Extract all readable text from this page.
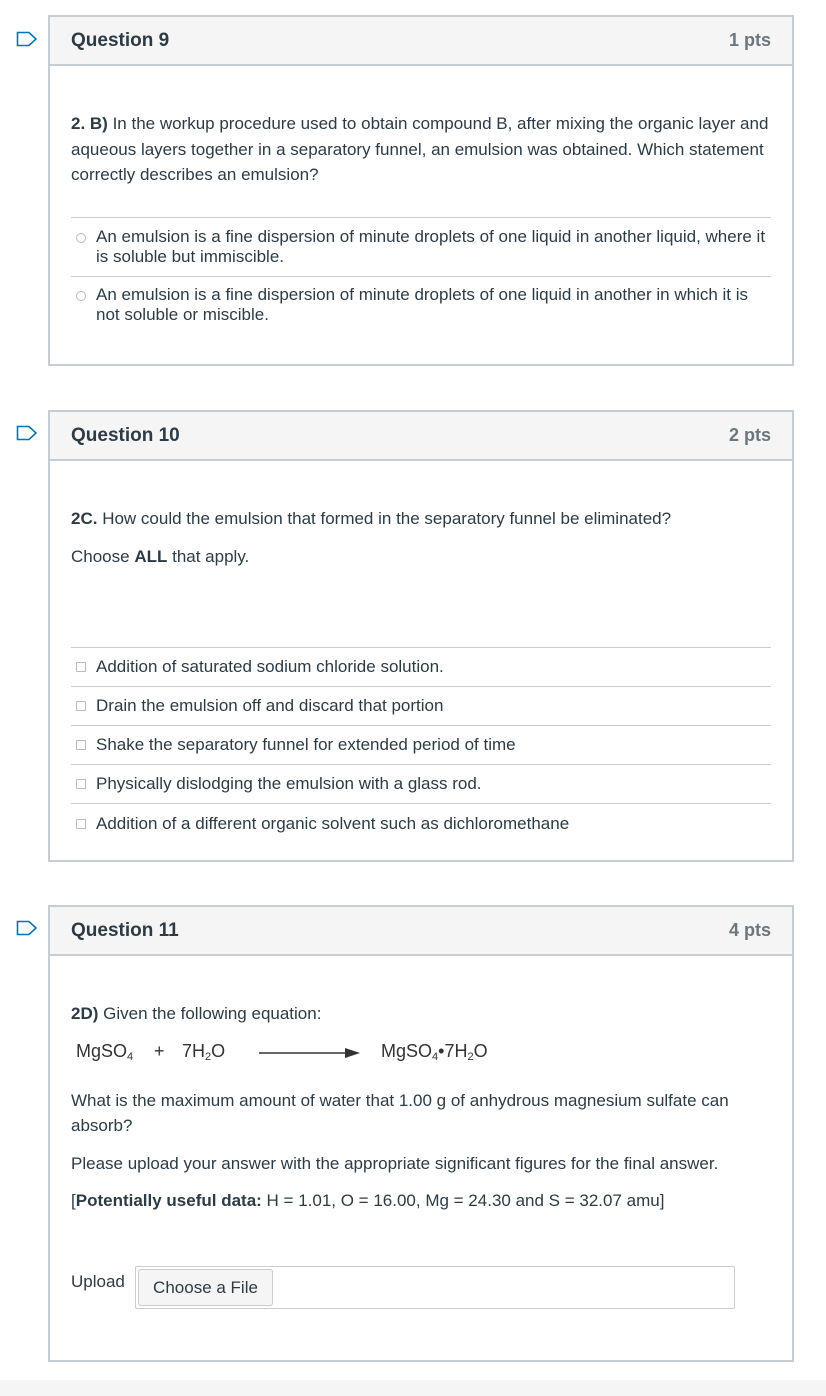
Question 9	1 pts

2. B) In the workup procedure used to obtain compound B, after mixing the organic layer and aqueous layers together in a separatory funnel, an emulsion was obtained. Which statement correctly describes an emulsion?

An emulsion is a fine dispersion of minute droplets of one liquid in another liquid, where it is soluble but immiscible.
An emulsion is a fine dispersion of minute droplets of one liquid in another in which it is not soluble or miscible.
Question 10	2 pts

2C. How could the emulsion that formed in the separatory funnel be eliminated?

Choose ALL that apply.

Addition of saturated sodium chloride solution.
Drain the emulsion off and discard that portion
Shake the separatory funnel for extended period of time
Physically dislodging the emulsion with a glass rod.
Addition of a different organic solvent such as dichloromethane
Question 11	4 pts

2D) Given the following equation:

MgSO$_4$ + $7H_2O$	$MgSO_4•7H_2O$

What is the maximum amount of water that 1.00 g of anhydrous magnesium sulfate can absorb?

Please upload your answer with the appropriate significant figures for the final answer.

[Potentially useful data: H = 1.01, O = 16.00, Mg = 24.30 and S = 32.07 amu]

Upload	Choose a File
